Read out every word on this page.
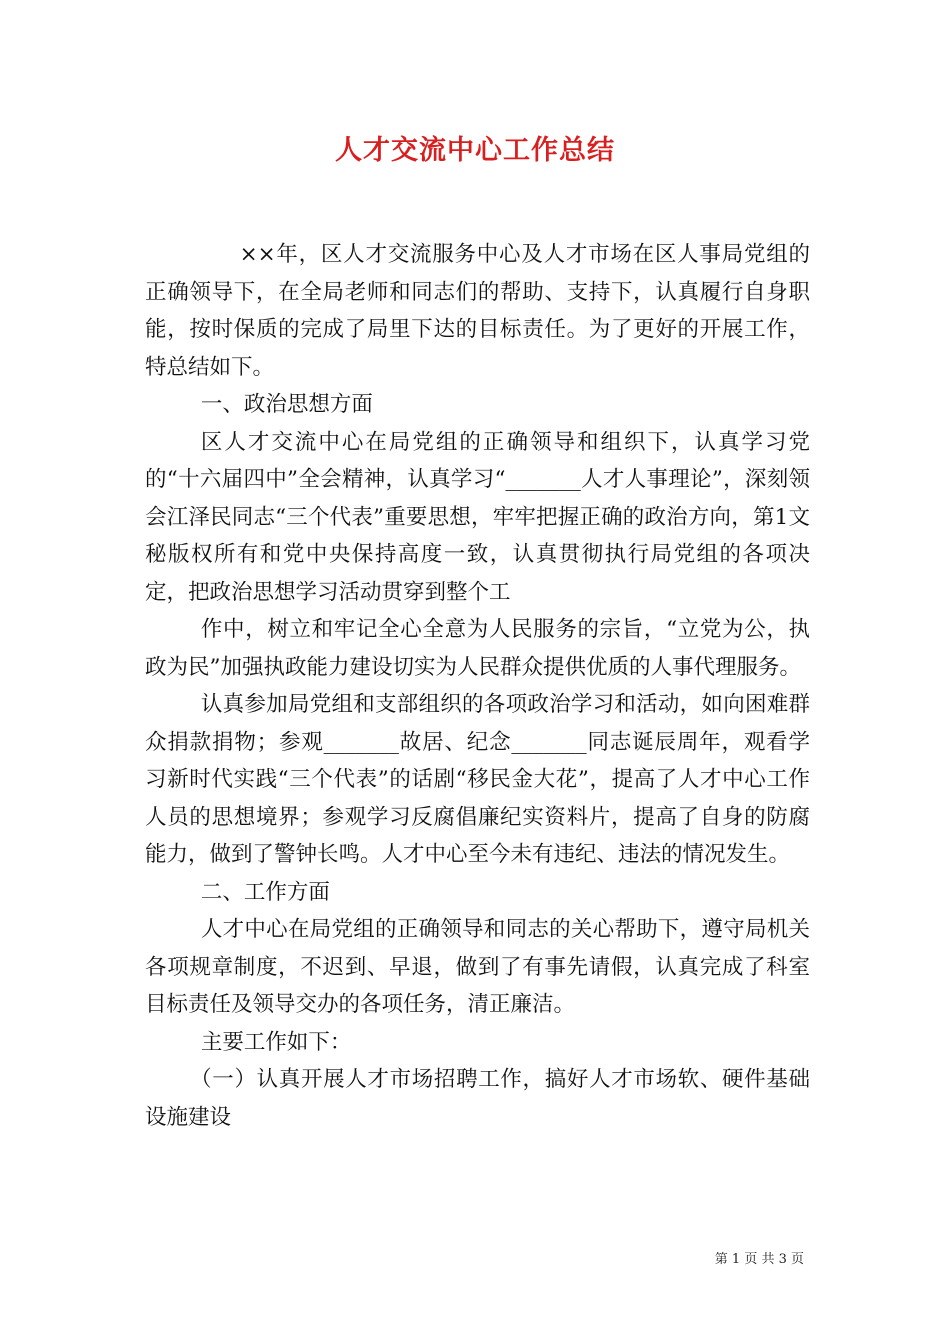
人才交流中心工作总结

××年，区人才交流服务中心及人才市场在区人事局党组的正确领导下，在全局老师和同志们的帮助、支持下，认真履行自身职能，按时保质的完成了局里下达的目标责任。为了更好的开展工作，特总结如下。

一、政治思想方面

区人才交流中心在局党组的正确领导和组织下，认真学习党的“十六届四中”全会精神，认真学习“_______人才人事理论”，深刻领会江泽民同志“三个代表”重要思想，牢牢把握正确的政治方向，第1文秘版权所有和党中央保持高度一致，认真贯彻执行局党组的各项决定，把政治思想学习活动贯穿到整个工

作中，树立和牢记全心全意为人民服务的宗旨，“立党为公，执政为民”加强执政能力建设切实为人民群众提供优质的人事代理服务。

认真参加局党组和支部组织的各项政治学习和活动，如向困难群众捐款捐物；参观_______故居、纪念_______同志诞辰周年，观看学习新时代实践“三个代表”的话剧“移民金大花”，提高了人才中心工作人员的思想境界；参观学习反腐倡廉纪实资料片，提高了自身的防腐能力，做到了警钟长鸣。人才中心至今未有违纪、违法的情况发生。

二、工作方面

人才中心在局党组的正确领导和同志的关心帮助下，遵守局机关各项规章制度，不迟到、早退，做到了有事先请假，认真完成了科室目标责任及领导交办的各项任务，清正廉洁。

主要工作如下：

（一）认真开展人才市场招聘工作，搞好人才市场软、硬件基础设施建设

第 1 页 共 3 页
